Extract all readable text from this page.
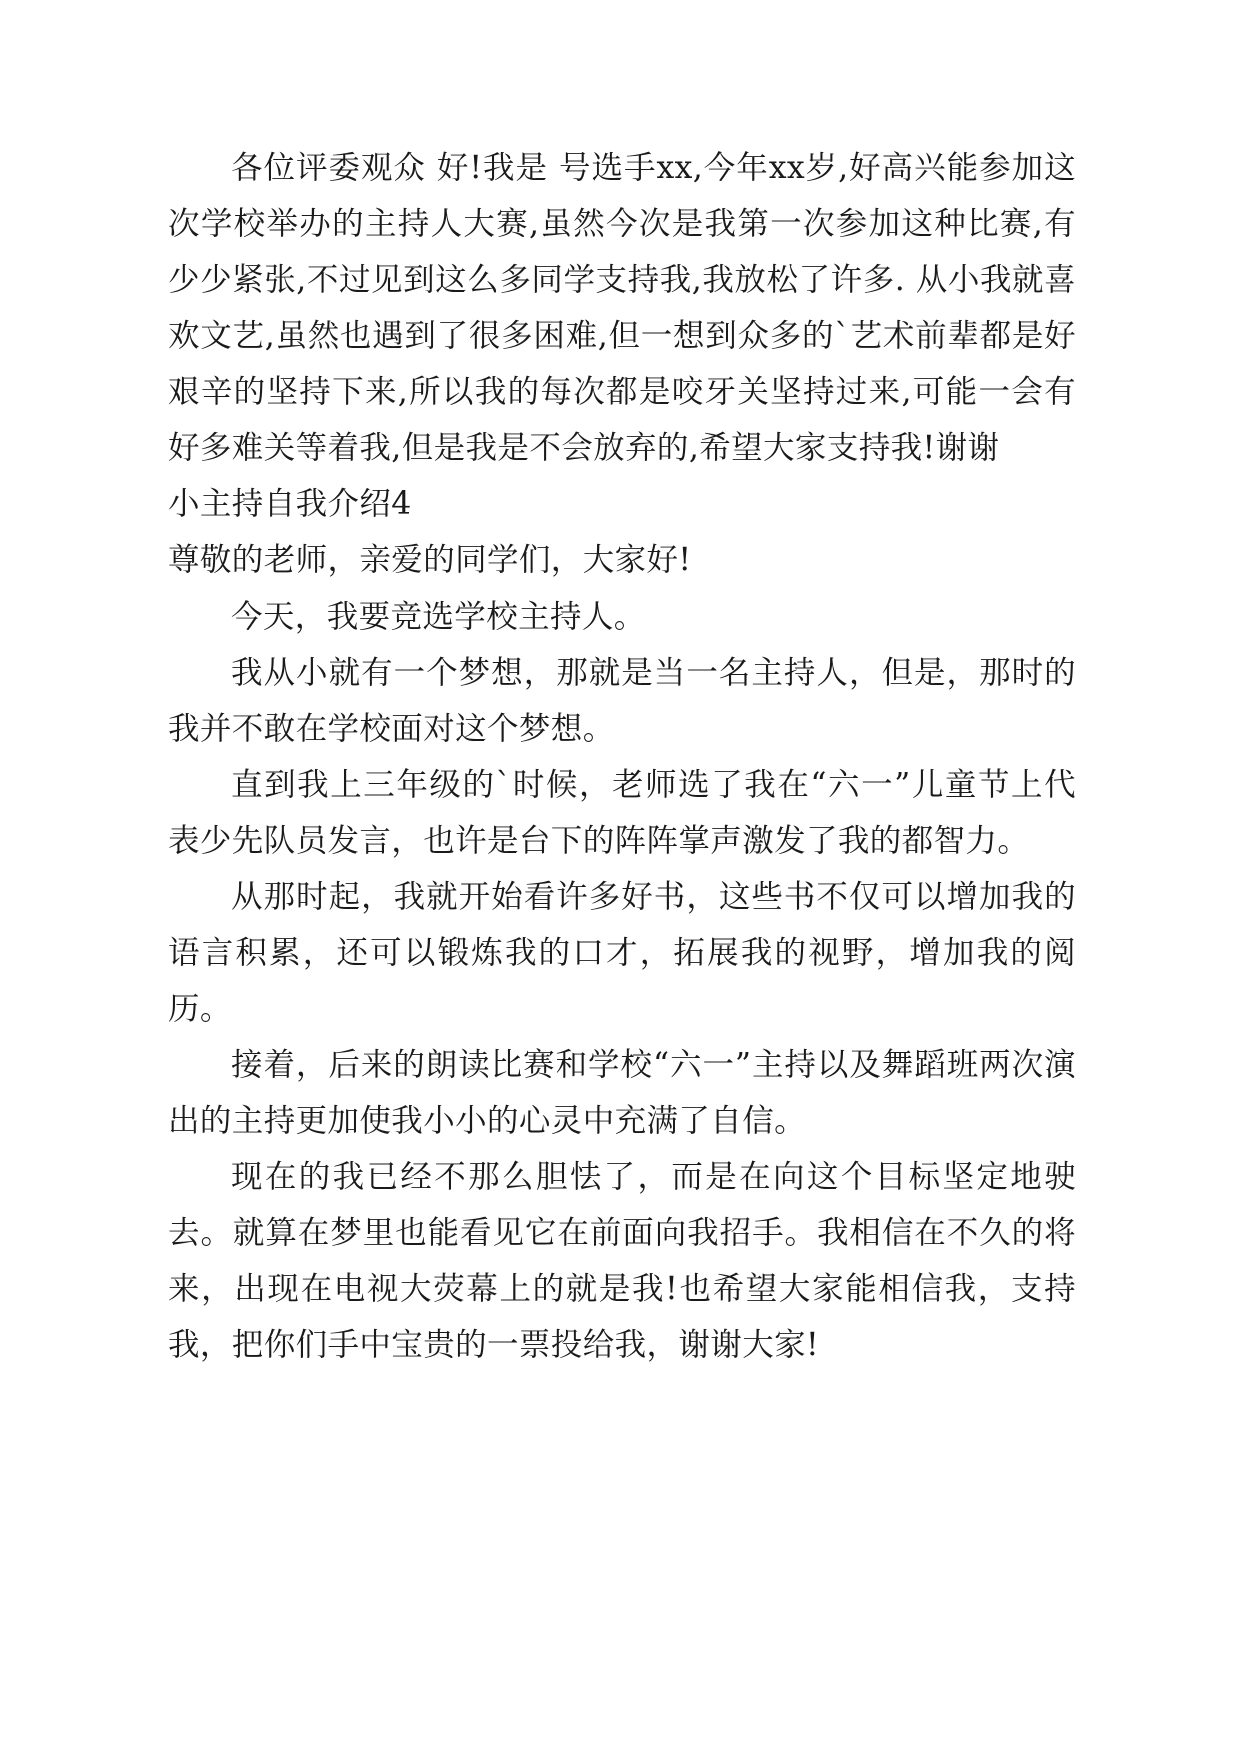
各位评委观众 好!我是 号选手xx,今年xx岁,好高兴能参加这次学校举办的主持人大赛,虽然今次是我第一次参加这种比赛,有少少紧张,不过见到这么多同学支持我,我放松了许多. 从小我就喜欢文艺,虽然也遇到了很多困难,但一想到众多的`艺术前辈都是好艰辛的坚持下来,所以我的每次都是咬牙关坚持过来,可能一会有好多难关等着我,但是我是不会放弃的,希望大家支持我!谢谢

小主持自我介绍4

尊敬的老师，亲爱的同学们，大家好!

今天，我要竞选学校主持人。

我从小就有一个梦想，那就是当一名主持人，但是，那时的我并不敢在学校面对这个梦想。

直到我上三年级的`时候，老师选了我在“六一”儿童节上代表少先队员发言，也许是台下的阵阵掌声激发了我的都智力。

从那时起，我就开始看许多好书，这些书不仅可以增加我的语言积累，还可以锻炼我的口才，拓展我的视野，增加我的阅历。

接着，后来的朗读比赛和学校“六一”主持以及舞蹈班两次演出的主持更加使我小小的心灵中充满了自信。

现在的我已经不那么胆怯了，而是在向这个目标坚定地驶去。就算在梦里也能看见它在前面向我招手。我相信在不久的将来，出现在电视大荧幕上的就是我!也希望大家能相信我，支持我，把你们手中宝贵的一票投给我，谢谢大家!
